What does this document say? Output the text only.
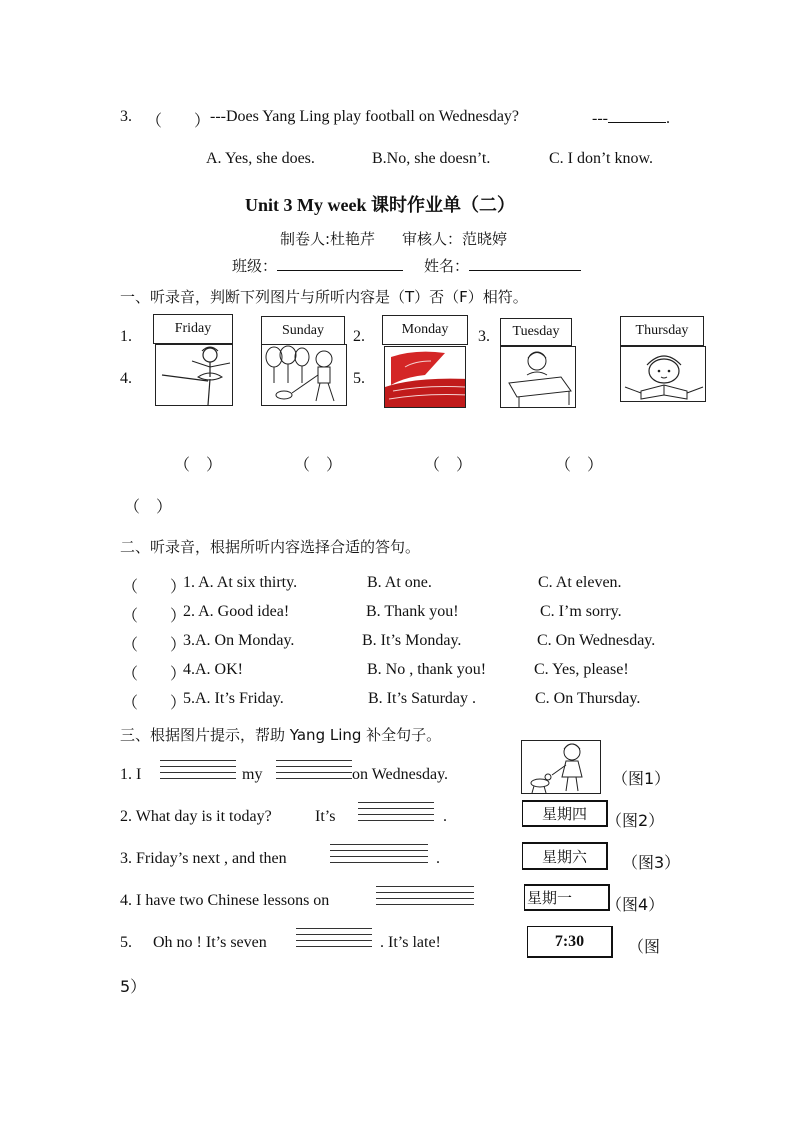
3. （　　） ---Does Yang Ling play football on Wednesday?	---	.
A. Yes, she does.	B.No, she doesn’t.	C. I don’t know.
Unit 3 My week 课时作业单（二）
制卷人:杜艳芹 审核人：范晓婷
班级：	姓名：
一、听录音，判断下列图片与所听内容是（T）否（F）相符。
1.	2.	3.
4.	5.
Friday	Sunday	Monday	Tuesday	Thursday
（　）	（　）	（　）	（　）
（　）
二、听录音，根据所听内容选择合适的答句。
（　　）
1. A. At six thirty.	B. At one.	C. At eleven.
（　　）
2. A. Good idea!	B. Thank you!	C. I’m sorry.
（　　）
3.A. On Monday.	B. It’s Monday.	C. On Wednesday.
（　　）
4.A. OK!	B. No , thank you!	C. Yes, please!
（　　）
5.A. It’s Friday.	B. It’s Saturday .	C. On Thursday.
三、根据图片提示，帮助 Yang Ling 补全句子。
1. I	my	on Wednesday.	（图1）
2. What day is it today?	It’s	.	星期四 （图2）
3. Friday’s next , and then	.	星期六 （图3）
4. I have two Chinese lessons on	星期一 （图4）
5. Oh no ! It’s seven	. It’s late!	7:30	（图
5）
